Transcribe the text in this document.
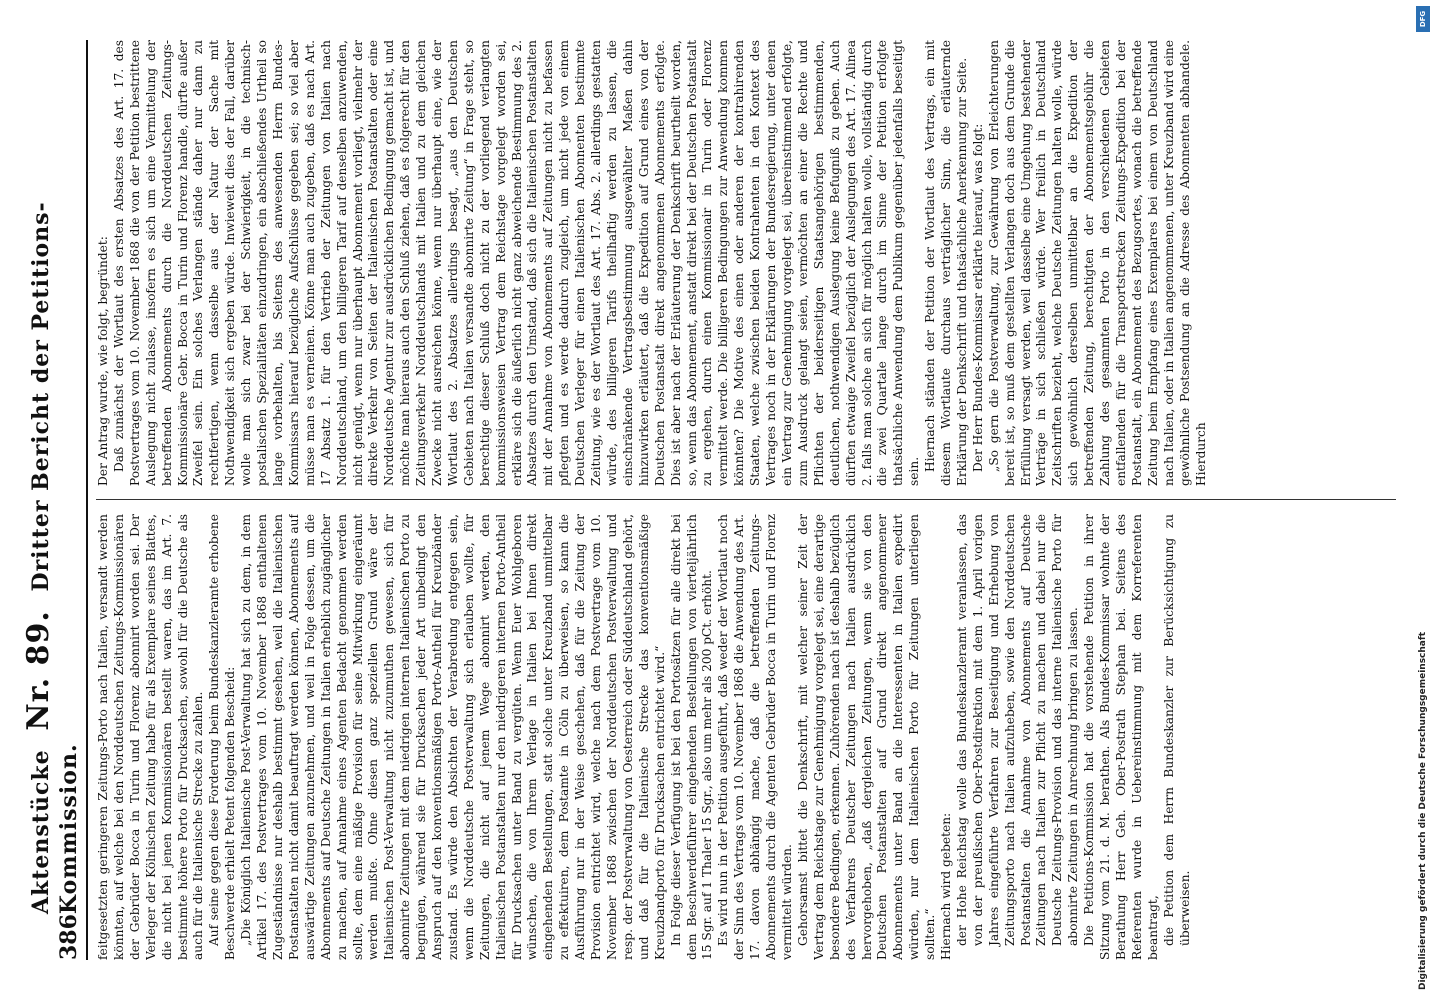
386
Aktenstücke Nr. 89. Dritter Bericht der Petitions-Kommission. feitgesetzten geringeren Zeitungs-Porto nach Italien, versandt werden könnten, auf welche bei den Norddeutschen Zeitungs-Kommissionären der Gebrüder Bocca in Turin und Florenz abonnirt worden sei. Der Verleger der Kölnischen Zeitung habe für als Exemplare seines Blattes, die nicht bei jenen Kommissionären bestellt waren, das im Art. 7. bestimmte höhere Porto für Drucksachen, sowohl für die Deutsche als auch für die Italienische Strecke zu zahlen. Auf seine gegen diese Forderung beim Bundeskanzleramte erhobene Beschwerde erhielt Petent folgenden Bescheid: „Die Königlich Italienische Post-Verwaltung hat sich zu dem, in dem Artikel 17. des Postvertrages vom 10. November 1868 enthaltenen Zugeständnisse nur deshalb bestimmt gesehen, weil die Italienischen Postanstalten nicht damit beauftragt werden können, Abonnements auf auswärtige Zeitungen anzunehmen, und weil in Folge dessen, um die Abonnements auf Deutsche Zeitungen in Italien erheblich zugänglicher zu machen, auf Annahme eines Agenten Bedacht genommen werden sollte, dem eine mäßige Provision für seine Mitwirkung eingeräumt werden mußte. Ohne diesen ganz speziellen Grund wäre der Italienischen Post-Verwaltung nicht zuzumuthen gewesen, sich für abonnirte Zeitungen mit dem niedrigen internen Italienischen Porto zu begnügen, während sie für Drucksachen jeder Art unbedingt den Anspruch auf den konventionsmäßigen Porto-Antheil für Kreuzbänder zustand. Es würde den Absichten der Verabredung entgegen sein, wenn die Norddeutsche Postverwaltung sich erlauben wollte, für Zeitungen, die nicht auf jenem Wege abonnirt werden, den Italienischen Postanstalten nur den niedrigeren internen Porto-Antheil für Drucksachen unter Band zu vergüten. Wenn Euer Wohlgeboren wünschen, die von Ihrem Verlage in Italien bei Ihnen direkt eingehenden Bestellungen, statt solche unter Kreuzband unmittelbar zu effektuiren, dem Postamte in Cöln zu überweisen, so kann die Ausführung nur in der Weise geschehen, daß für die Zeitung der Provision entrichtet wird, welche nach dem Postvertrage vom 10. November 1868 zwischen der Norddeutschen Postverwaltung und resp. der Postverwaltung von Oesterreich oder Süddeutschland gehört, und daß für die Italienische Strecke das konventionsmäßige Kreuzbandporto für Drucksachen entrichtet wird.“ In Folge dieser Verfügung ist bei den Portosätzen für alle direkt bei dem Beschwerdeführer eingehenden Bestellungen von vierteljährlich 15 Sgr. auf 1 Thaler 15 Sgr., also um mehr als 200 pCt. erhöht. Es wird nun in der Petition ausgeführt, daß weder der Wortlaut noch der Sinn des Vertrags vom 10. November 1868 die Anwendung des Art. 17. davon abhängig mache, daß die betreffenden Zeitungs-Abonnements durch die Agenten Gebrüder Bocca in Turin und Florenz vermittelt würden. Gehorsamst bittet die Denkschrift, mit welcher seiner Zeit der Vertrag dem Reichstage zur Genehmigung vorgelegt sei, eine derartige besondere Bedingen, erkennen. Zuhörenden nach ist deshalb bezüglich des Verfahrens Deutscher Zeitungen nach Italien ausdrücklich hervorgehoben, „daß dergleichen Zeitungen, wenn sie von den Deutschen Postanstalten auf Grund direkt angenommener Abonnements unter Band an die Interessenten in Italien expedirt würden, nur dem Italienischen Porto für Zeitungen unterliegen sollten.“ Hiernach wird gebeten: der Hohe Reichstag wolle das Bundeskanzleramt veranlassen, das von der preußischen Ober-Postdirektion mit dem 1. April vorigen Jahres eingeführte Verfahren zur Beseitigung und Erhebung von Zeitungsporto nach Italien aufzuheben, sowie den Norddeutschen Postanstalten die Annahme von Abonnements auf Deutsche Zeitungen nach Italien zur Pflicht zu machen und dabei nur die Deutsche Zeitungs-Provision und das interne Italienische Porto für abonnirte Zeitungen in Anrechnung bringen zu lassen. Die Petitions-Kommission hat die vorstehende Petition in ihrer Sitzung vom 21. d. M. berathen. Als Bundes-Kommissar wohnte der Berathung Herr Geh. Ober-Postrath Stephan bei. Seitens des Referenten wurde in Uebereinstimmung mit dem Korreferenten beantragt, die Petition dem Herrn Bundeskanzler zur Berücksichtigung zu überweisen.

Der Antrag wurde, wie folgt, begründet: Daß zunächst der Wortlaut des ersten Absatzes des Art. 17. des Postvertrages vom 10. November 1868 die von der Petition bestrittene Auslegung nicht zulasse, insofern es sich um eine Vermittelung der betreffenden Abonnements durch die Norddeutschen Zeitungs-Kommissionäre Gebr. Bocca in Turin und Florenz handle, dürfte außer Zweifel sein. Ein solches Verlangen stände daher nur dann zu rechtfertigen, wenn dasselbe aus der Natur der Sache mit Nothwendigkeit sich ergeben würde. Inwieweit dies der Fall, darüber wolle man sich zwar bei der Schwierigkeit, in die technisch-postalischen Spezialitäten einzudringen, ein abschließendes Urtheil so lange vorbehalten, bis Seitens des anwesenden Herrn Bundes-Kommissars hierauf bezügliche Aufschlüsse gegeben sei; so viel aber müsse man es verneinen. Könne man auch zugeben, daß es nach Art. 17 Absatz 1. für den Vertrieb der Zeitungen von Italien nach Norddeutschland, um den billigeren Tarif auf denselben anzuwenden, nicht genügt, wenn nur überhaupt Abonnement vorliegt, vielmehr der direkte Verkehr von Seiten der Italienischen Postanstalten oder eine Norddeutsche Agentur zur ausdrücklichen Bedingung gemacht ist, und möchte man hieraus auch den Schluß ziehen, daß es folgerecht für den Zeitungsverkehr Norddeutschlands mit Italien und zu dem gleichen Zwecke nicht ausreichen könne, wenn nur überhaupt eine, wie der Wortlaut des 2. Absatzes allerdings besagt, „aus den Deutschen Gebieten nach Italien versandte abonnirte Zeitung“ in Frage steht, so berechtige dieser Schluß doch nicht zu der vorliegend verlangten kommissionsweisen Vertrag dem Reichstage vorgelegt worden sei, erkläre sich die äußerlich nicht ganz abweichende Bestimmung des 2. Absatzes durch den Umstand, daß sich die Italienischen Postanstalten mit der Annahme von Abonnements auf Zeitungen nicht zu befassen pflegten und es werde dadurch zugleich, um nicht jede von einem Deutschen Verleger für einen Italienischen Abonnenten bestimmte Zeitung, wie es der Wortlaut des Art. 17. Abs. 2. allerdings gestatten würde, des billigeren Tarifs theilhaftig werden zu lassen, die einschränkende Vertragsbestimmung ausgewählter Maßen dahin hinzuwirken erläutert, daß die Expedition auf Grund eines von der Deutschen Postanstalt direkt angenommenen Abonnements erfolgte. Dies ist aber nach der Erläuterung der Denkschrift beurtheilt worden, so, wenn das Abonnement, anstatt direkt bei der Deutschen Postanstalt zu ergehen, durch einen Kommissionair in Turin oder Florenz vermittelt werde. Die billigeren Bedingungen zur Anwendung kommen könnten? Die Motive des einen oder anderen der kontrahirenden Staaten, welche zwischen beiden Kontrahenten in den Kontext des Vertrages noch in der Erklärungen der Bundesregierung, unter denen ein Vertrag zur Genehmigung vorgelegt sei, übereinstimmend erfolgte, zum Ausdruck gelangt seien, vermöchten an einer die Rechte und Pflichten der beiderseitigen Staatsangehörigen bestimmenden, deutlichen, nothwendigen Auslegung keine Befugniß zu geben. Auch dürften etwaige Zweifel bezüglich der Auslegungen des Art. 17. Alinea 2. falls man solche an sich für möglich halten wolle, vollständig durch die zwei Quartale lange durch im Sinne der Petition erfolgte thatsächliche Anwendung dem Publikum gegenüber jedenfalls beseitigt sein. Hiernach ständen der Petition der Wortlaut des Vertrags, ein mit diesem Wortlaute durchaus verträglicher Sinn, die erläuternde Erklärung der Denkschrift und thatsächliche Anerkennung zur Seite. Der Herr Bundes-Kommissar erklärte hierauf, was folgt: „So gern die Postverwaltung, zur Gewährung von Erleichterungen bereit ist, so muß dem gestellten Verlangen doch aus dem Grunde die Erfüllung versagt werden, weil dasselbe eine Umgehung bestehender Verträge in sich schließen würde. Wer freilich in Deutschland Zeitschriften bezieht, welche Deutsche Zeitungen halten wolle, würde sich gewöhnlich derselben unmittelbar an die Expedition der betreffenden Zeitung, berechtigten der Abonnementsgebühr die Zahlung des gesammten Porto in den verschiedenen Gebieten entfallenden für die Transportstrecken Zeitungs-Expedition bei der Postanstalt, ein Abonnement des Bezugsortes, wonach die betreffende Zeitung beim Empfang eines Exemplares bei einem von Deutschland nach Italien, oder in Italien angenommenen, unter Kreuzband wird eine gewöhnliche Postsendung an die Adresse des Abonnenten abhandele. Hierdurch

Digitalisierung gefördert durch die Deutsche Forschungsgemeinschaft
DFG
